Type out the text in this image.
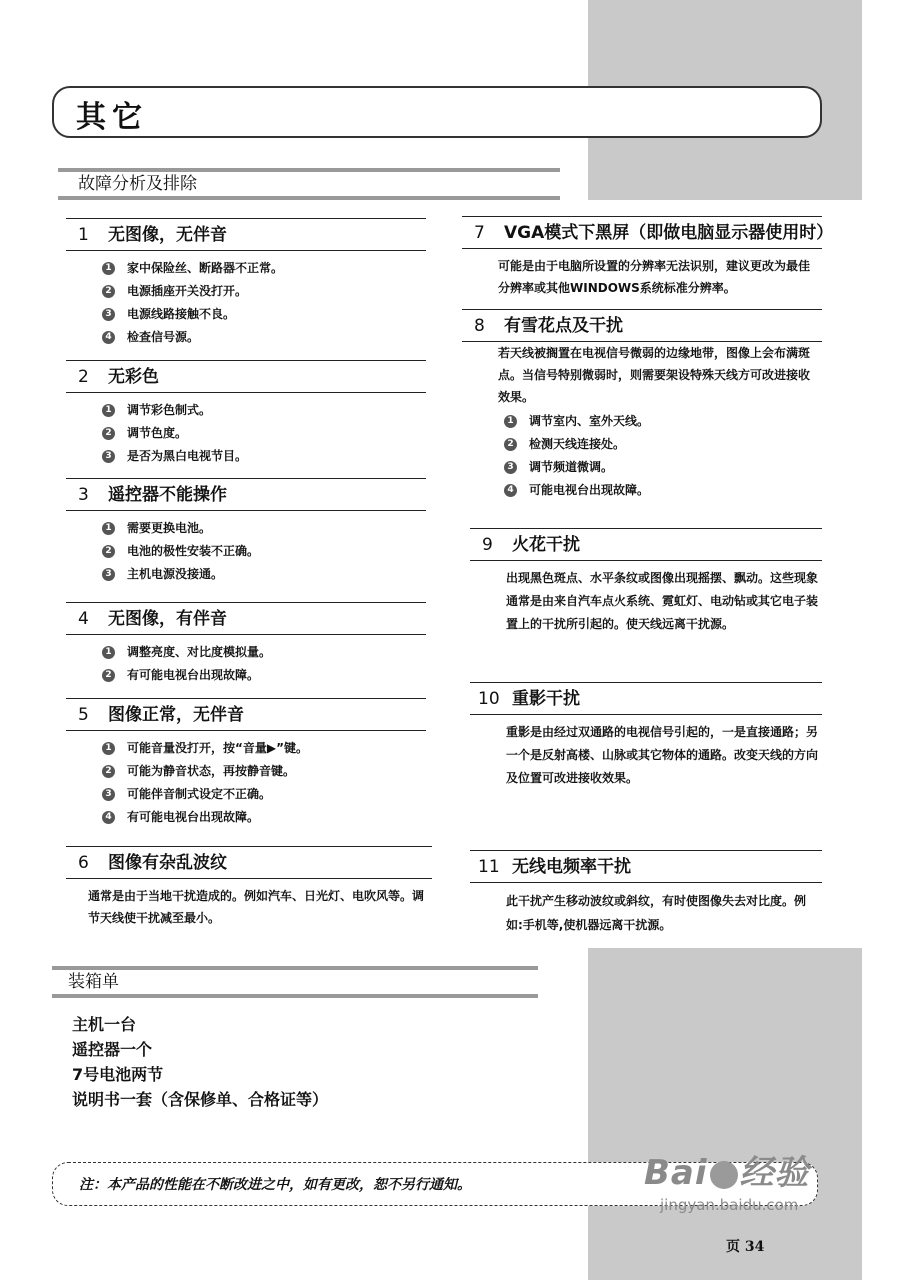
其它
故障分析及排除
1 无图像，无伴音
1 家中保险丝、断路器不正常。
2 电源插座开关没打开。
3 电源线路接触不良。
4 检查信号源。
2 无彩色
1 调节彩色制式。
2 调节色度。
3 是否为黑白电视节目。
3 遥控器不能操作
1 需要更换电池。
2 电池的极性安装不正确。
3 主机电源没接通。
4 无图像，有伴音
1 调整亮度、对比度模拟量。
2 有可能电视台出现故障。
5 图像正常，无伴音
1 可能音量没打开，按“音量▶”键。
2 可能为静音状态，再按静音键。
3 可能伴音制式设定不正确。
4 有可能电视台出现故障。
6 图像有杂乱波纹
通常是由于当地干扰造成的。例如汽车、日光灯、电吹风等。调节天线使干扰减至最小。
7 VGA模式下黑屏（即做电脑显示器使用时）
可能是由于电脑所设置的分辨率无法识别，建议更改为最佳分辨率或其他WINDOWS系统标准分辨率。
8 有雪花点及干扰
若天线被搁置在电视信号微弱的边缘地带，图像上会布满斑点。当信号特别微弱时，则需要架设特殊天线方可改进接收效果。
1 调节室内、室外天线。
2 检测天线连接处。
3 调节频道微调。
4 可能电视台出现故障。
9 火花干扰
出现黑色斑点、水平条纹或图像出现摇摆、飘动。这些现象通常是由来自汽车点火系统、霓虹灯、电动钻或其它电子装置上的干扰所引起的。使天线远离干扰源。
10 重影干扰
重影是由经过双通路的电视信号引起的，一是直接通路；另一个是反射高楼、山脉或其它物体的通路。改变天线的方向及位置可改进接收效果。
11 无线电频率干扰
此干扰产生移动波纹或斜纹，有时使图像失去对比度。例如:手机等,使机器远离干扰源。
装箱单
主机一台
遥控器一个
7号电池两节
说明书一套（含保修单、合格证等）
注：本产品的性能在不断改进之中，如有更改，恕不另行通知。	Bai 经验
jingyan.baidu.com
页 34
